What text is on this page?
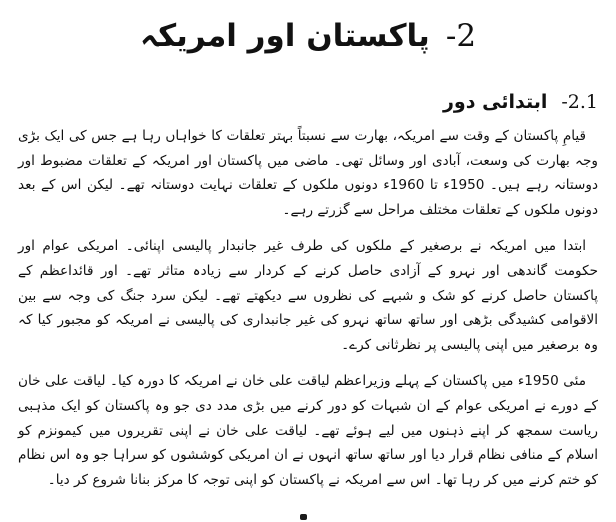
2-پاکستان اور امریکہ
2.1-ابتدائی دور

قیامِ پاکستان کے وقت سے امریکہ، بھارت سے نسبتاً بہتر تعلقات کا خواہاں رہا ہے جس کی ایک بڑی وجہ بھارت کی وسعت، آبادی اور وسائل تھی۔ ماضی میں پاکستان اور امریکہ کے تعلقات مضبوط اور دوستانہ رہے ہیں۔ 1950ء تا 1960ء دونوں ملکوں کے تعلقات نہایت دوستانہ تھے۔ لیکن اس کے بعد دونوں ملکوں کے تعلقات مختلف مراحل سے گزرتے رہے۔

ابتدا میں امریکہ نے برصغیر کے ملکوں کی طرف غیر جانبدار پالیسی اپنائی۔ امریکی عوام اور حکومت گاندھی اور نہرو کے آزادی حاصل کرنے کے کردار سے زیادہ متاثر تھے۔ اور قائداعظم کے پاکستان حاصل کرنے کو شک و شبہے کی نظروں سے دیکھتے تھے۔ لیکن سرد جنگ کی وجہ سے بین الاقوامی کشیدگی بڑھی اور ساتھ ساتھ نہرو کی غیر جانبداری کی پالیسی نے امریکہ کو مجبور کیا کہ وہ برصغیر میں اپنی پالیسی پر نظرثانی کرے۔

مئی 1950ء میں پاکستان کے پہلے وزیراعظم لیاقت علی خان نے امریکہ کا دورہ کیا۔ لیاقت علی خان کے دورے نے امریکی عوام کے ان شبہات کو دور کرنے میں بڑی مدد دی جو وہ پاکستان کو ایک مذہبی ریاست سمجھ کر اپنے ذہنوں میں لیے ہوئے تھے۔ لیاقت علی خان نے اپنی تقریروں میں کیمونزم کو اسلام کے منافی نظام قرار دیا اور ساتھ ساتھ انہوں نے ان امریکی کوششوں کو سراہا جو وہ اس نظام کو ختم کرنے میں کر رہا تھا۔ اس سے امریکہ نے پاکستان کو اپنی توجہ کا مرکز بنانا شروع کر دیا۔
